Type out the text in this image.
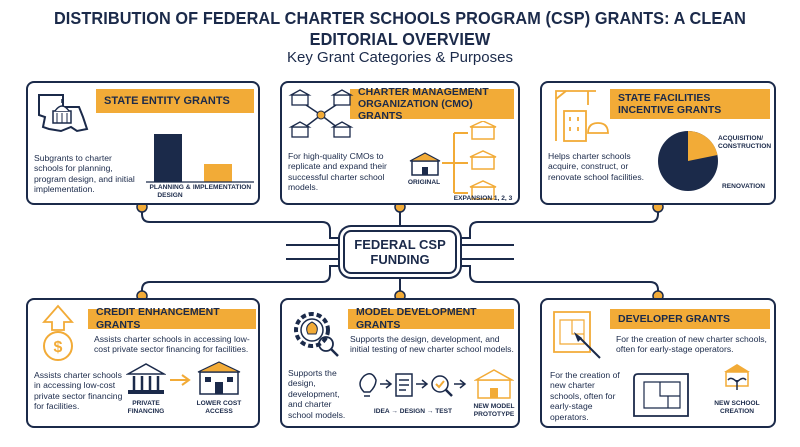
DISTRIBUTION OF FEDERAL CHARTER SCHOOLS PROGRAM (CSP) GRANTS: A CLEAN EDITORIAL OVERVIEW
Key Grant Categories & Purposes
FEDERAL CSP FUNDING
STATE ENTITY GRANTS
Subgrants to charter schools for planning, program design, and initial implementation.	PLANNING & DESIGN
IMPLEMENTATION
CHARTER MANAGEMENT ORGANIZATION (CMO) GRANTS
For high-quality CMOs to replicate and expand their successful charter school models.	ORIGINAL
EXPANSION 1, 2, 3
STATE FACILITIES INCENTIVE GRANTS
Helps charter schools acquire, construct, or renovate school facilities.
ACQUISITION/ CONSTRUCTION
RENOVATION
$
CREDIT ENHANCEMENT GRANTS
Assists charter schools in accessing low-cost private sector financing for facilities.
Assists charter schools in accessing low-cost private sector financing for facilities.	PRIVATE FINANCING
LOWER COST ACCESS
MODEL DEVELOPMENT GRANTS
Supports the design, development, and initial testing of new charter school models.
Supports the design, development, and charter school models.	IDEA → DESIGN → TEST
NEW MODEL PROTOTYPE
DEVELOPER GRANTS
For the creation of new charter schools, often for early-stage operators.
For the creation of new charter schools, often for early-stage operators.
NEW SCHOOL CREATION
